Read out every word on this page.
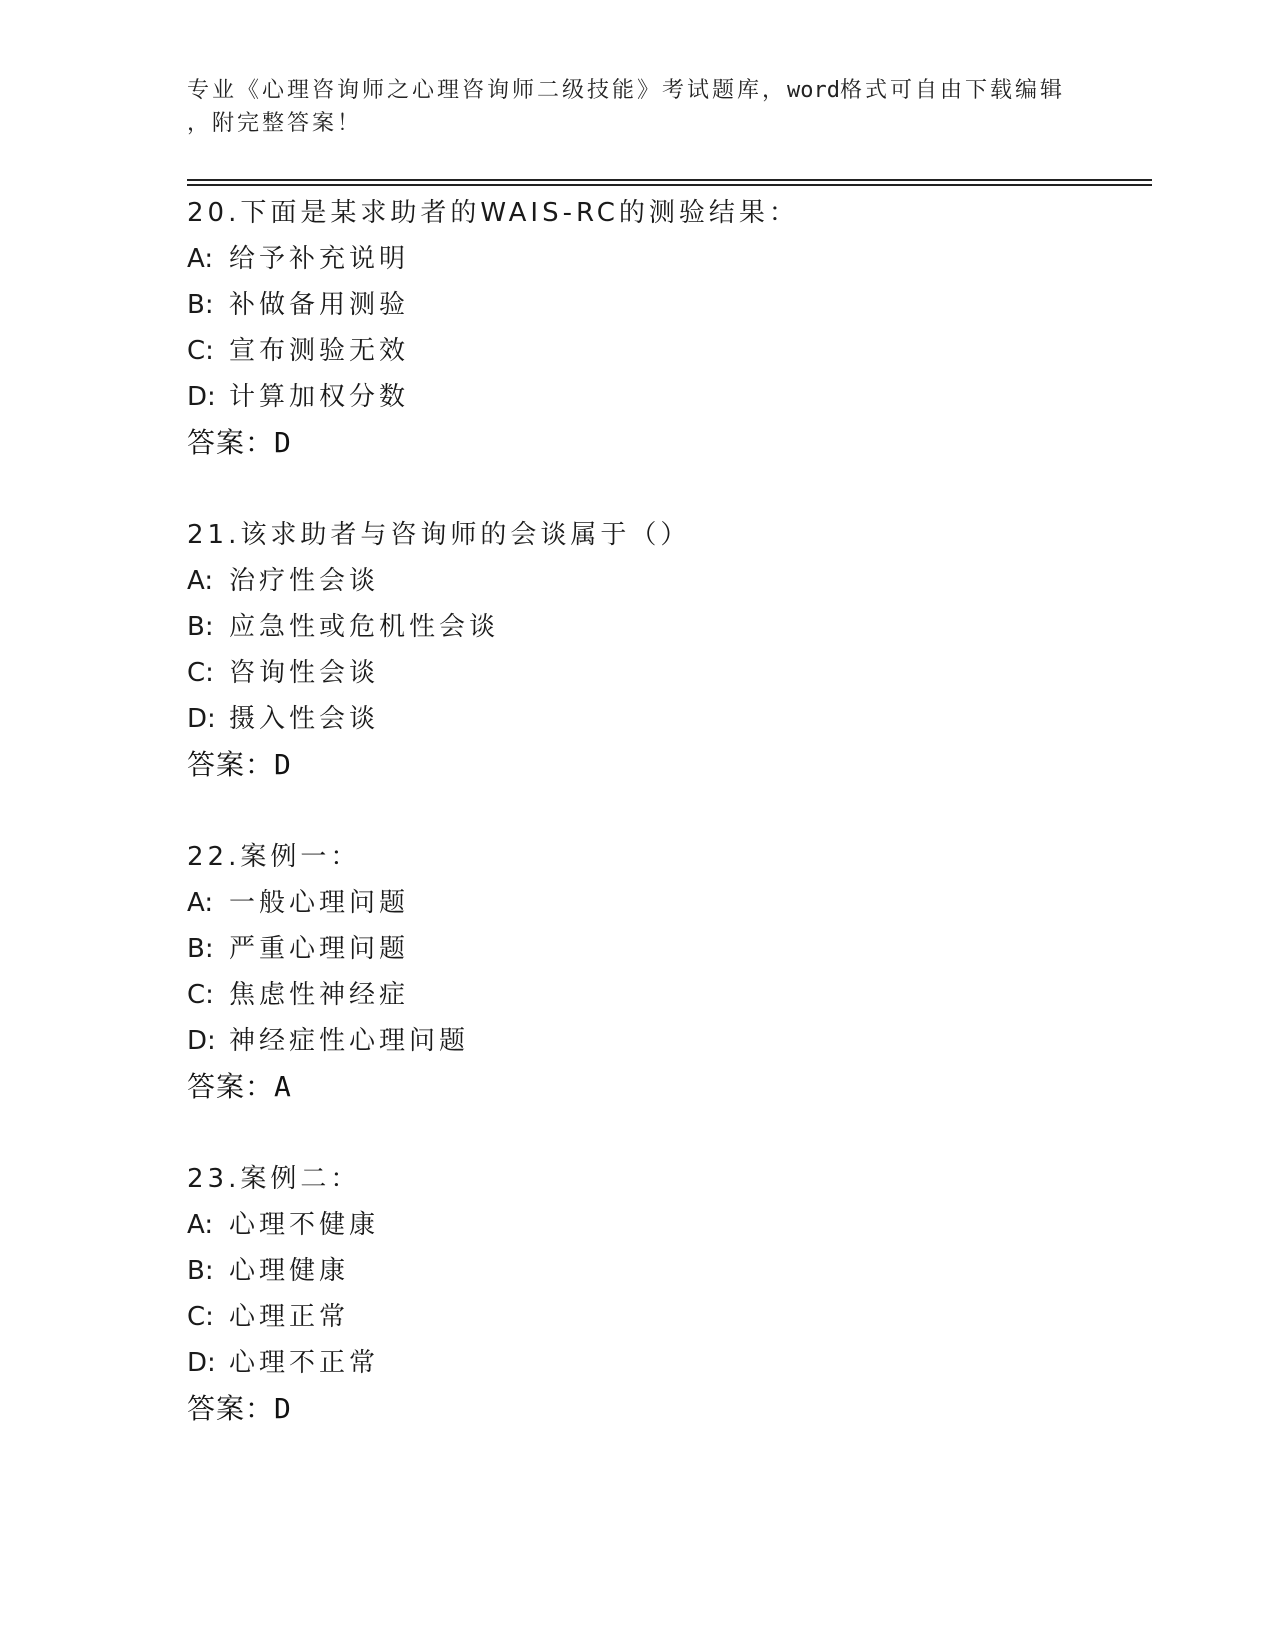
专业《心理咨询师之心理咨询师二级技能》考试题库，word格式可自由下载编辑
，附完整答案！
20.下面是某求助者的WAIS-RC的测验结果：
A: 给予补充说明
B: 补做备用测验
C: 宣布测验无效
D: 计算加权分数
答案：D
21.该求助者与咨询师的会谈属于（）
A: 治疗性会谈
B: 应急性或危机性会谈
C: 咨询性会谈
D: 摄入性会谈
答案：D
22.案例一：
A: 一般心理问题
B: 严重心理问题
C: 焦虑性神经症
D: 神经症性心理问题
答案：A
23.案例二：
A: 心理不健康
B: 心理健康
C: 心理正常
D: 心理不正常
答案：D
